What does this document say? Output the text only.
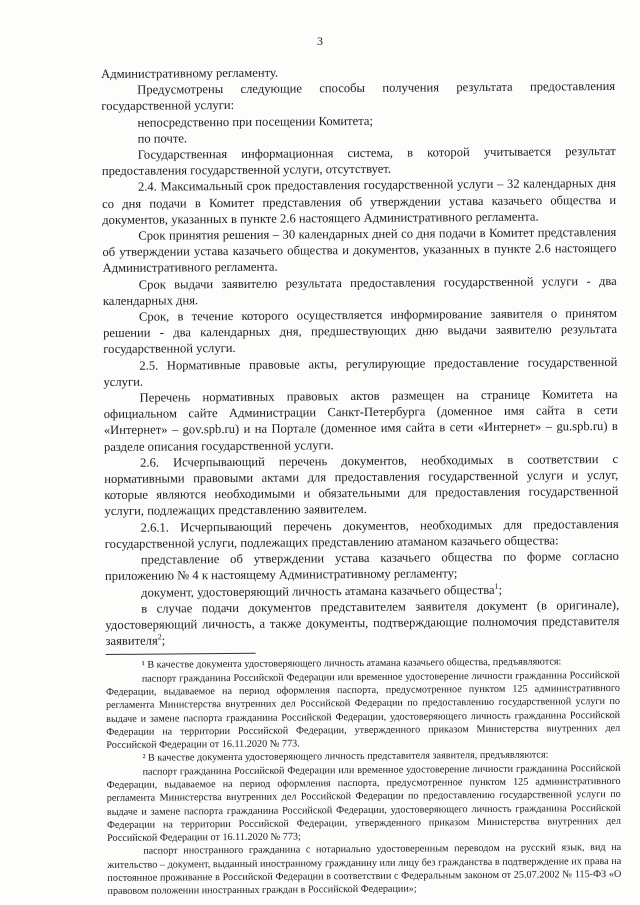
3

Административному регламенту.

Предусмотрены следующие способы получения результата предоставления государственной услуги:

непосредственно при посещении Комитета;

по почте.

Государственная информационная система, в которой учитывается результат предоставления государственной услуги, отсутствует.

2.4. Максимальный срок предоставления государственной услуги – 32 календарных дня со дня подачи в Комитет представления об утверждении устава казачьего общества и документов, указанных в пункте 2.6 настоящего Административного регламента.

Срок принятия решения – 30 календарных дней со дня подачи в Комитет представления об утверждении устава казачьего общества и документов, указанных в пункте 2.6 настоящего Административного регламента.

Срок выдачи заявителю результата предоставления государственной услуги - два календарных дня.

Срок, в течение которого осуществляется информирование заявителя о принятом решении - два календарных дня, предшествующих дню выдачи заявителю результата государственной услуги.

2.5. Нормативные правовые акты, регулирующие предоставление государственной услуги.

Перечень нормативных правовых актов размещен на странице Комитета на официальном сайте Администрации Санкт-Петербурга (доменное имя сайта в сети «Интернет» – gov.spb.ru) и на Портале (доменное имя сайта в сети «Интернет» – gu.spb.ru) в разделе описания государственной услуги.

2.6. Исчерпывающий перечень документов, необходимых в соответствии с нормативными правовыми актами для предоставления государственной услуги и услуг, которые являются необходимыми и обязательными для предоставления государственной услуги, подлежащих представлению заявителем.

2.6.1. Исчерпывающий перечень документов, необходимых для предоставления государственной услуги, подлежащих представлению атаманом казачьего общества:

представление об утверждении устава казачьего общества по форме согласно приложению № 4 к настоящему Административному регламенту;

документ, удостоверяющий личность атамана казачьего общества$^1$;

в случае подачи документов представителем заявителя документ (в оригинале), удостоверяющий личность, а также документы, подтверждающие полномочия представителя заявителя$^2$;

¹ В качестве документа удостоверяющего личность атамана казачьего общества, предъявляются:

паспорт гражданина Российской Федерации или временное удостоверение личности гражданина Российской Федерации, выдаваемое на период оформления паспорта, предусмотренное пунктом 125 административного регламента Министерства внутренних дел Российской Федерации по предоставлению государственной услуги по выдаче и замене паспорта гражданина Российской Федерации, удостоверяющего личность гражданина Российской Федерации на территории Российской Федерации, утвержденного приказом Министерства внутренних дел Российской Федерации от 16.11.2020 № 773.

² В качестве документа удостоверяющего личность представителя заявителя, предъявляются:

паспорт гражданина Российской Федерации или временное удостоверение личности гражданина Российской Федерации, выдаваемое на период оформления паспорта, предусмотренное пунктом 125 административного регламента Министерства внутренних дел Российской Федерации по предоставлению государственной услуги по выдаче и замене паспорта гражданина Российской Федерации, удостоверяющего личность гражданина Российской Федерации на территории Российской Федерации, утвержденного приказом Министерства внутренних дел Российской Федерации от 16.11.2020 № 773;

паспорт иностранного гражданина с нотариально удостоверенным переводом на русский язык, вид на жительство – документ, выданный иностранному гражданину или лицу без гражданства в подтверждение их права на постоянное проживание в Российской Федерации в соответствии с Федеральным законом от 25.07.2002 № 115-ФЗ «О правовом положении иностранных граждан в Российской Федерации»;
